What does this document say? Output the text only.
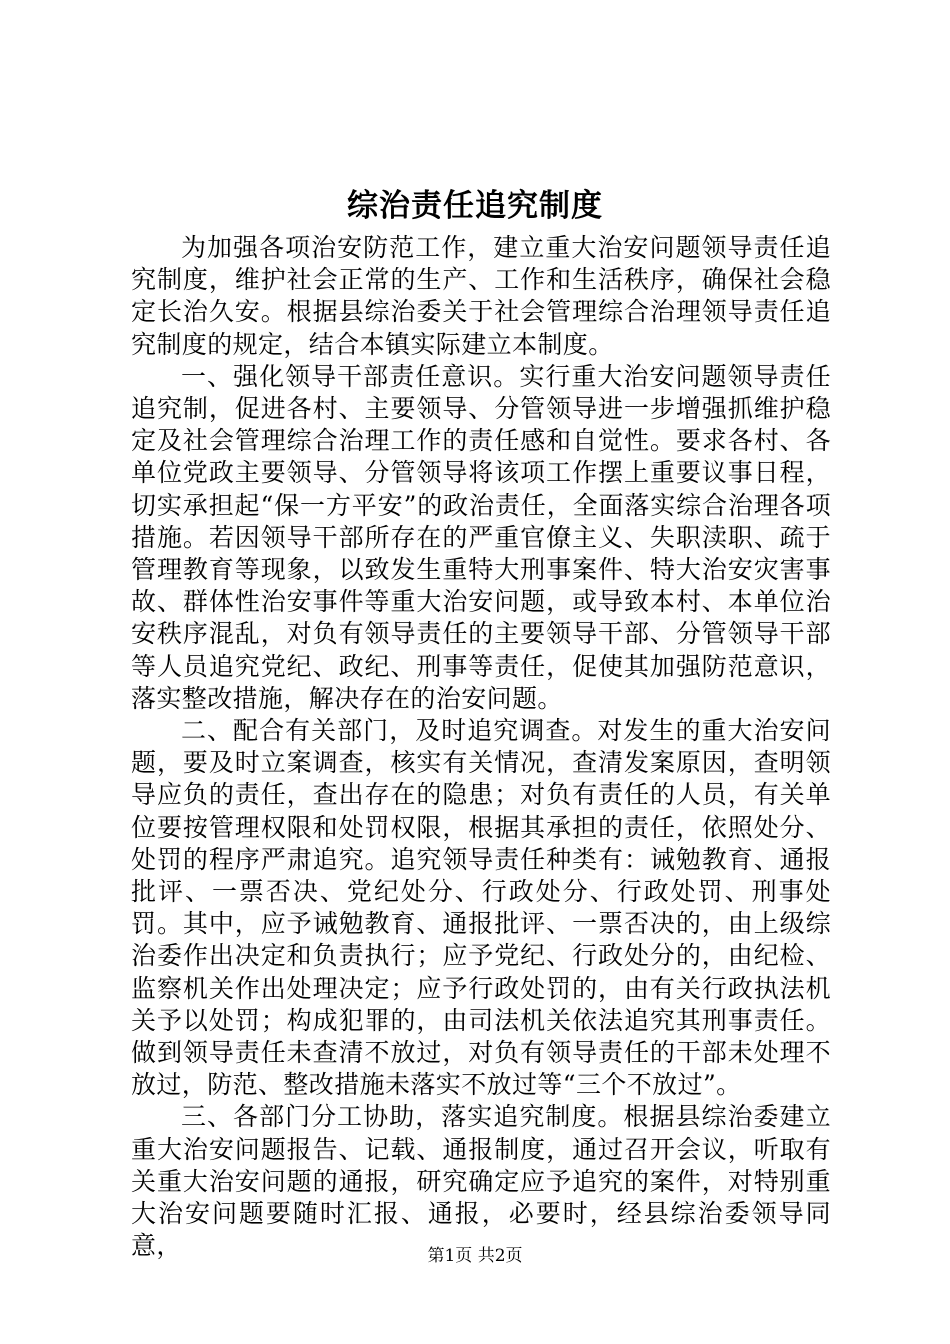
综治责任追究制度

为加强各项治安防范工作，建立重大治安问题领导责任追究制度，维护社会正常的生产、工作和生活秩序，确保社会稳定长治久安。根据县综治委关于社会管理综合治理领导责任追究制度的规定，结合本镇实际建立本制度。

一、强化领导干部责任意识。实行重大治安问题领导责任追究制，促进各村、主要领导、分管领导进一步增强抓维护稳定及社会管理综合治理工作的责任感和自觉性。要求各村、各单位党政主要领导、分管领导将该项工作摆上重要议事日程，切实承担起“保一方平安”的政治责任，全面落实综合治理各项措施。若因领导干部所存在的严重官僚主义、失职渎职、疏于管理教育等现象，以致发生重特大刑事案件、特大治安灾害事故、群体性治安事件等重大治安问题，或导致本村、本单位治安秩序混乱，对负有领导责任的主要领导干部、分管领导干部等人员追究党纪、政纪、刑事等责任，促使其加强防范意识，落实整改措施，解决存在的治安问题。

二、配合有关部门，及时追究调查。对发生的重大治安问题，要及时立案调查，核实有关情况，查清发案原因，查明领导应负的责任，查出存在的隐患；对负有责任的人员，有关单位要按管理权限和处罚权限，根据其承担的责任，依照处分、处罚的程序严肃追究。追究领导责任种类有：诫勉教育、通报批评、一票否决、党纪处分、行政处分、行政处罚、刑事处罚。其中，应予诫勉教育、通报批评、一票否决的，由上级综治委作出决定和负责执行；应予党纪、行政处分的，由纪检、监察机关作出处理决定；应予行政处罚的，由有关行政执法机关予以处罚；构成犯罪的，由司法机关依法追究其刑事责任。做到领导责任未查清不放过，对负有领导责任的干部未处理不放过，防范、整改措施未落实不放过等“三个不放过”。

三、各部门分工协助，落实追究制度。根据县综治委建立重大治安问题报告、记载、通报制度，通过召开会议，听取有关重大治安问题的通报，研究确定应予追究的案件，对特别重大治安问题要随时汇报、通报，必要时，经县综治委领导同意，	第1页 共2页
